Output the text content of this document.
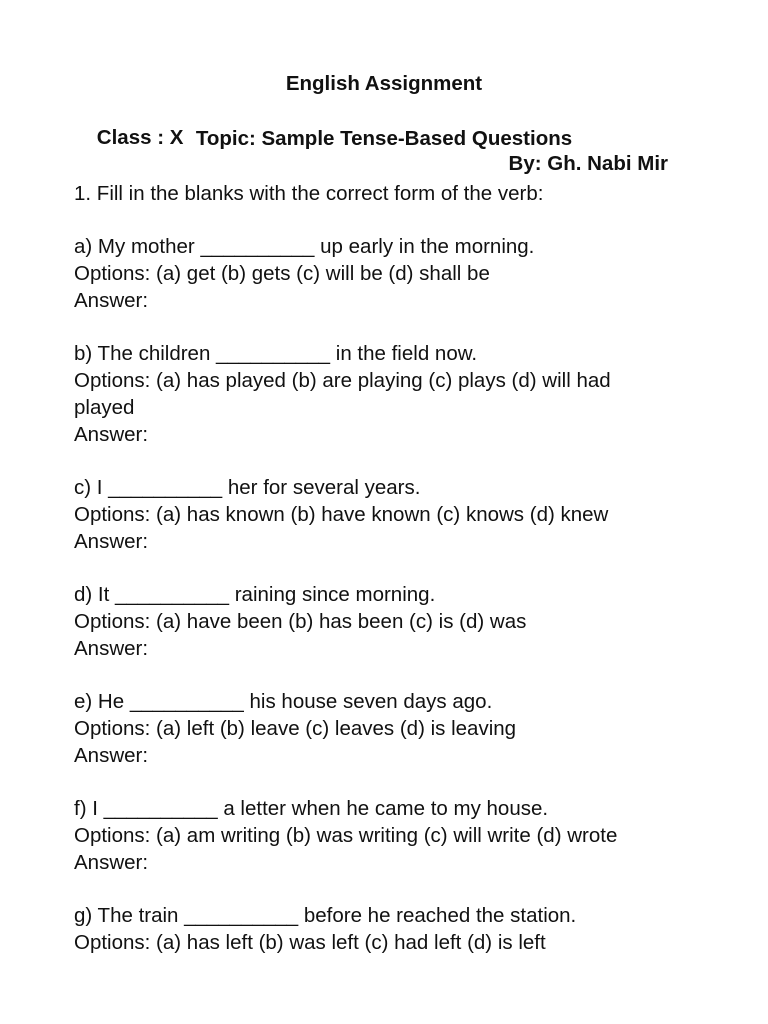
English Assignment

Class : X

By: Gh. Nabi Mir

Topic: Sample Tense-Based Questions
1. Fill in the blanks with the correct form of the verb:
a) My mother __________ up early in the morning.
Options: (a) get (b) gets (c) will be (d) shall be
Answer:
b) The children __________ in the field now.
Options: (a) has played (b) are playing (c) plays (d) will had
played
Answer:
c) I __________ her for several years.
Options: (a) has known (b) have known (c) knows (d) knew
Answer:
d) It __________ raining since morning.
Options: (a) have been (b) has been (c) is (d) was
Answer:
e) He __________ his house seven days ago.
Options: (a) left (b) leave (c) leaves (d) is leaving
Answer:
f) I __________ a letter when he came to my house.
Options: (a) am writing (b) was writing (c) will write (d) wrote
Answer:
g) The train __________ before he reached the station.
Options: (a) has left (b) was left (c) had left (d) is left
